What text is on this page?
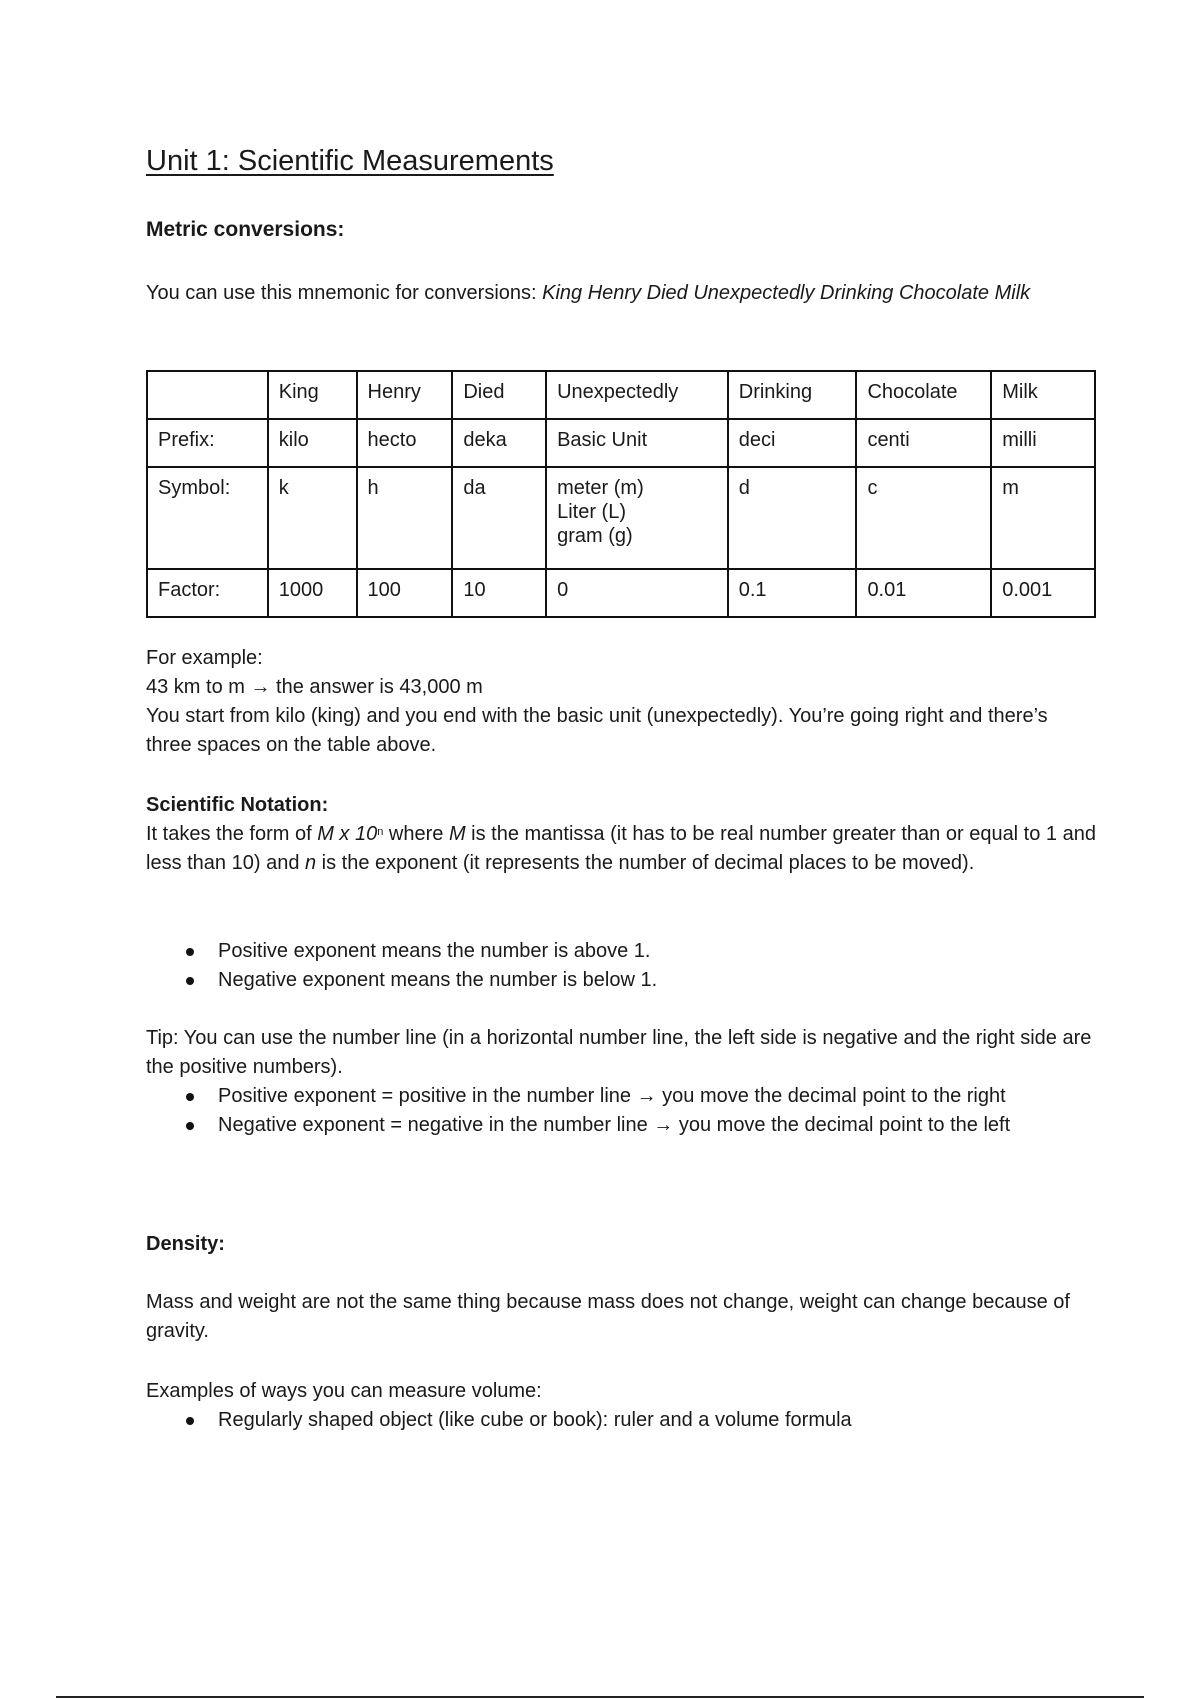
Unit 1: Scientific Measurements

Metric conversions:

You can use this mnemonic for conversions: King Henry Died Unexpectedly Drinking Chocolate Milk

	King	Henry	Died	Unexpectedly	Drinking	Chocolate	Milk
Prefix:	kilo	hecto	deka	Basic Unit	deci	centi	milli
Symbol:	k	h	da	meter (m)
Liter (L)
gram (g)	d	c	m
Factor:	1000	100	10	0	0.1	0.01	0.001

For example:

43 km to m → the answer is 43,000 m

You start from kilo (king) and you end with the basic unit (unexpectedly). You’re going right and there’s three spaces on the table above.

Scientific Notation:

It takes the form of M x 10$^n$ where M is the mantissa (it has to be real number greater than or equal to 1 and less than 10) and n is the exponent (it represents the number of decimal places to be moved).

Positive exponent means the number is above 1.
Negative exponent means the number is below 1.

Tip: You can use the number line (in a horizontal number line, the left side is negative and the right side are the positive numbers).

Positive exponent = positive in the number line → you move the decimal point to the right
Negative exponent = negative in the number line → you move the decimal point to the left

Density:

Mass and weight are not the same thing because mass does not change, weight can change because of gravity.

Examples of ways you can measure volume:

Regularly shaped object (like cube or book): ruler and a volume formula
